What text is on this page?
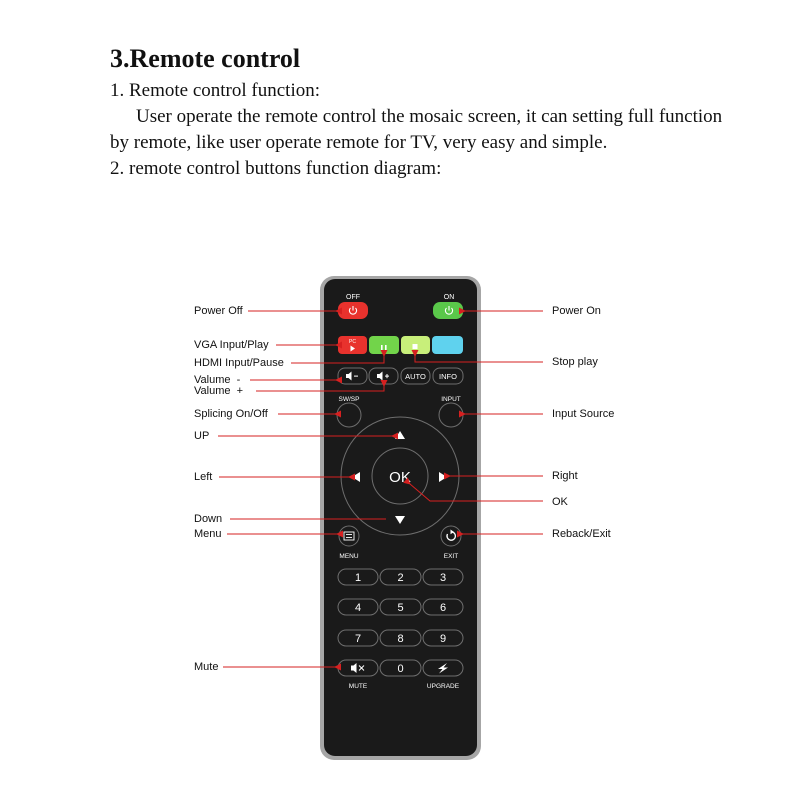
3.Remote control

1. Remote control function:

User operate the remote control the mosaic screen, it can setting full function by remote, like user operate remote for TV, very easy and simple.

2. remote control buttons function diagram:

OFF	ON
PC
AUTO INFO
SW/SP	INPUT
OK
MENU	EXIT
1	2	3
4	5	6
7	8	9
0
MUTE	UPGRADE
Power Off
VGA Input/Play
HDMI Input/Pause
Valume  -
Valume  +
Splicing On/Off
UP
Left
Down
Menu
Mute
Power On
Stop play
Input Source
Right
OK
Reback/Exit
